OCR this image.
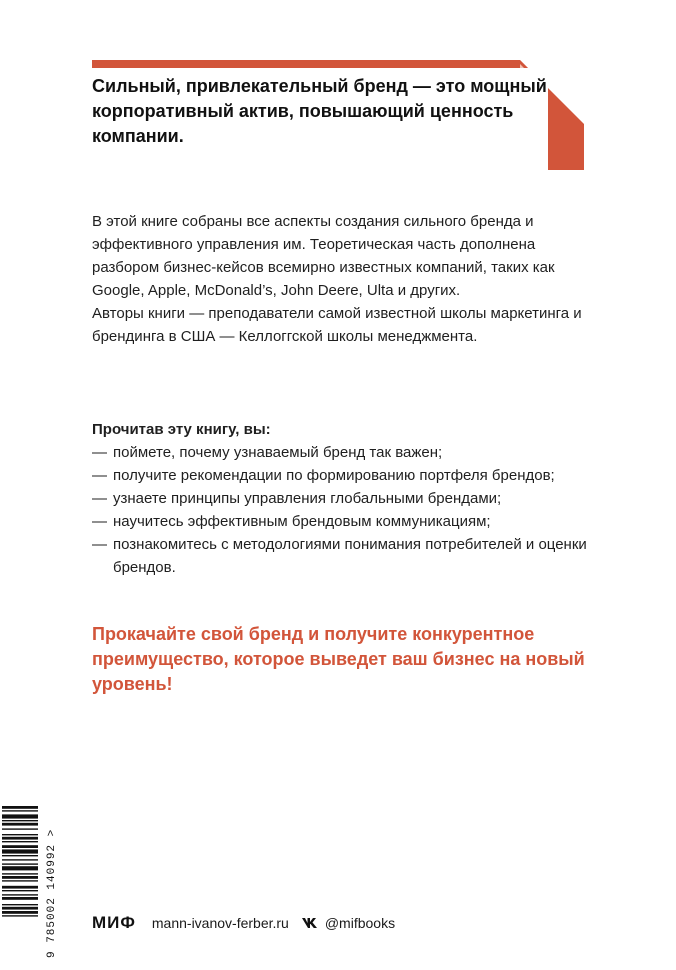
Сильный, привлекательный бренд — это мощный корпоративный актив, повышающий ценность компании.

В этой книге собраны все аспекты создания сильного бренда и эффективного управления им. Теоретическая часть дополнена разбором бизнес-кейсов всемирно известных компаний, таких как Google, Apple, McDonald’s, John Deere, Ulta и других.

Авторы книги — преподаватели самой известной школы маркетинга и брендинга в США — Келлоггской школы менеджмента.

Прочитав эту книгу, вы:

— поймете, почему узнаваемый бренд так важен;
— получите рекомендации по формированию портфеля брендов;
— узнаете принципы управления глобальными брендами;
— научитесь эффективным брендовым коммуникациям;
— познакомитесь с методологиями понимания потребителей и оценки брендов.

Прокачайте свой бренд и получите конкурентное преимущество, которое выведет ваш бизнес на новый уровень!

9 785002 140992 > МИФ mann-ivanov-ferber.ru	@mifbooks
